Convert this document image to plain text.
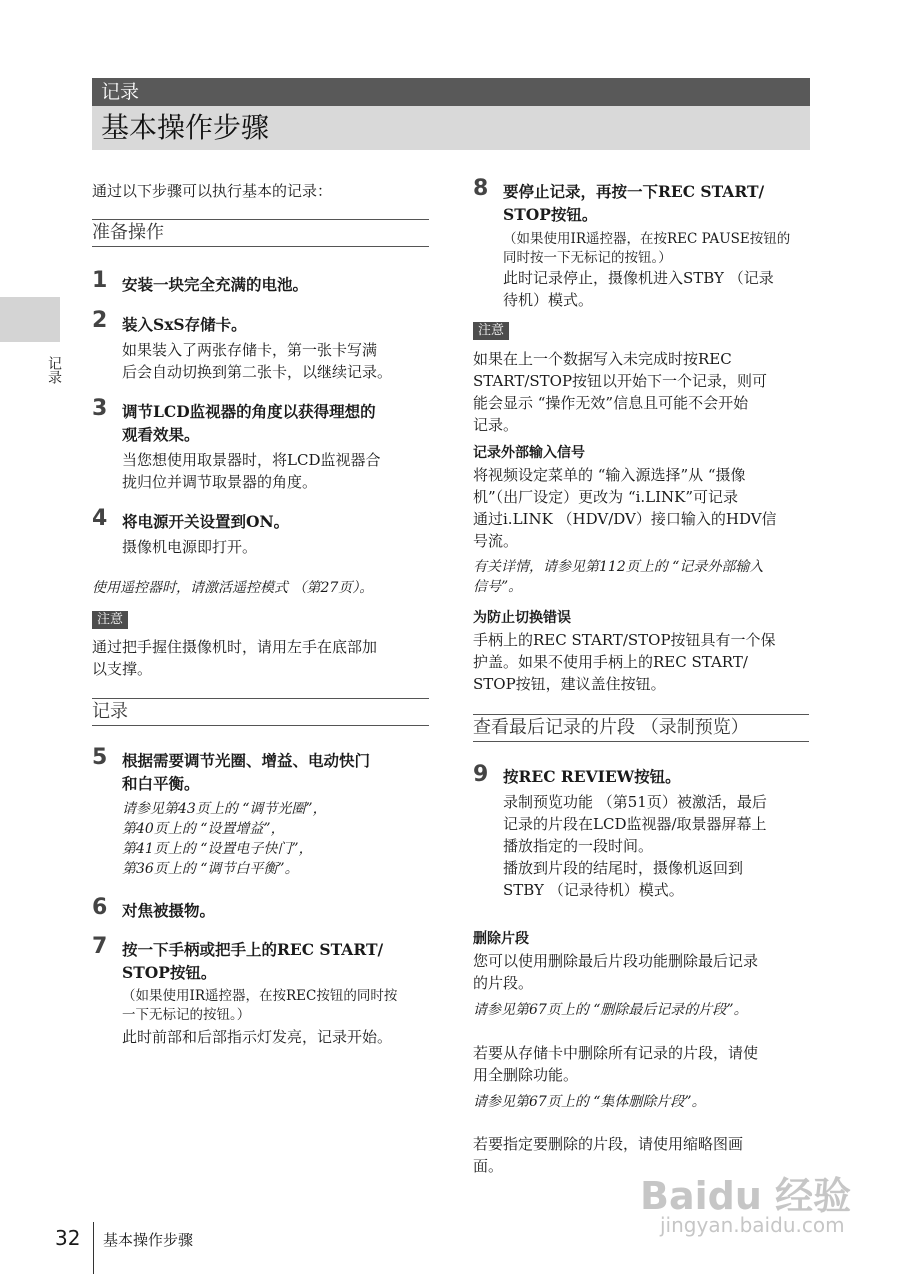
记录
基本操作步骤
记录
通过以下步骤可以执行基本的记录：
准备操作
1 安装一块完全充满的电池。
2 装入SxS存储卡。
如果装入了两张存储卡，第一张卡写满
后会自动切换到第二张卡，以继续记录。
3 调节LCD监视器的角度以获得理想的
观看效果。
当您想使用取景器时，将LCD监视器合
拢归位并调节取景器的角度。
4 将电源开关设置到ON。
摄像机电源即打开。
使用遥控器时，请激活遥控模式 （第27页）。
注意
通过把手握住摄像机时，请用左手在底部加
以支撑。
记录
5 根据需要调节光圈、增益、电动快门
和白平衡。
请参见第43页上的 “调节光圈”，
第40页上的 “设置增益”，
第41页上的 “设置电子快门”，
第36页上的 “调节白平衡”。
6 对焦被摄物。
7 按一下手柄或把手上的REC START/
STOP按钮。
（如果使用IR遥控器，在按REC按钮的同时按
一下无标记的按钮。）
此时前部和后部指示灯发亮，记录开始。
8 要停止记录，再按一下REC START/
STOP按钮。
（如果使用IR遥控器，在按REC PAUSE按钮的
同时按一下无标记的按钮。）
此时记录停止，摄像机进入STBY （记录
待机）模式。
注意
如果在上一个数据写入未完成时按REC
START/STOP按钮以开始下一个记录，则可
能会显示 “操作无效”信息且可能不会开始
记录。
记录外部输入信号
将视频设定菜单的 “输入源选择”从 “摄像
机”（出厂设定）更改为 “i.LINK”可记录
通过i.LINK （HDV/DV）接口输入的HDV信
号流。
有关详情，请参见第112页上的 “记录外部输入
信号”。
为防止切换错误
手柄上的REC START/STOP按钮具有一个保
护盖。如果不使用手柄上的REC START/
STOP按钮，建议盖住按钮。
查看最后记录的片段 （录制预览）
9 按REC REVIEW按钮。
录制预览功能 （第51页）被激活，最后
记录的片段在LCD监视器/取景器屏幕上
播放指定的一段时间。
播放到片段的结尾时，摄像机返回到
STBY （记录待机）模式。
删除片段
您可以使用删除最后片段功能删除最后记录
的片段。
请参见第67页上的 “删除最后记录的片段”。
若要从存储卡中删除所有记录的片段，请使
用全删除功能。
请参见第67页上的 “集体删除片段”。
若要指定要删除的片段，请使用缩略图画
面。
32 基本操作步骤
Baidu 经验
jingyan.baidu.com
